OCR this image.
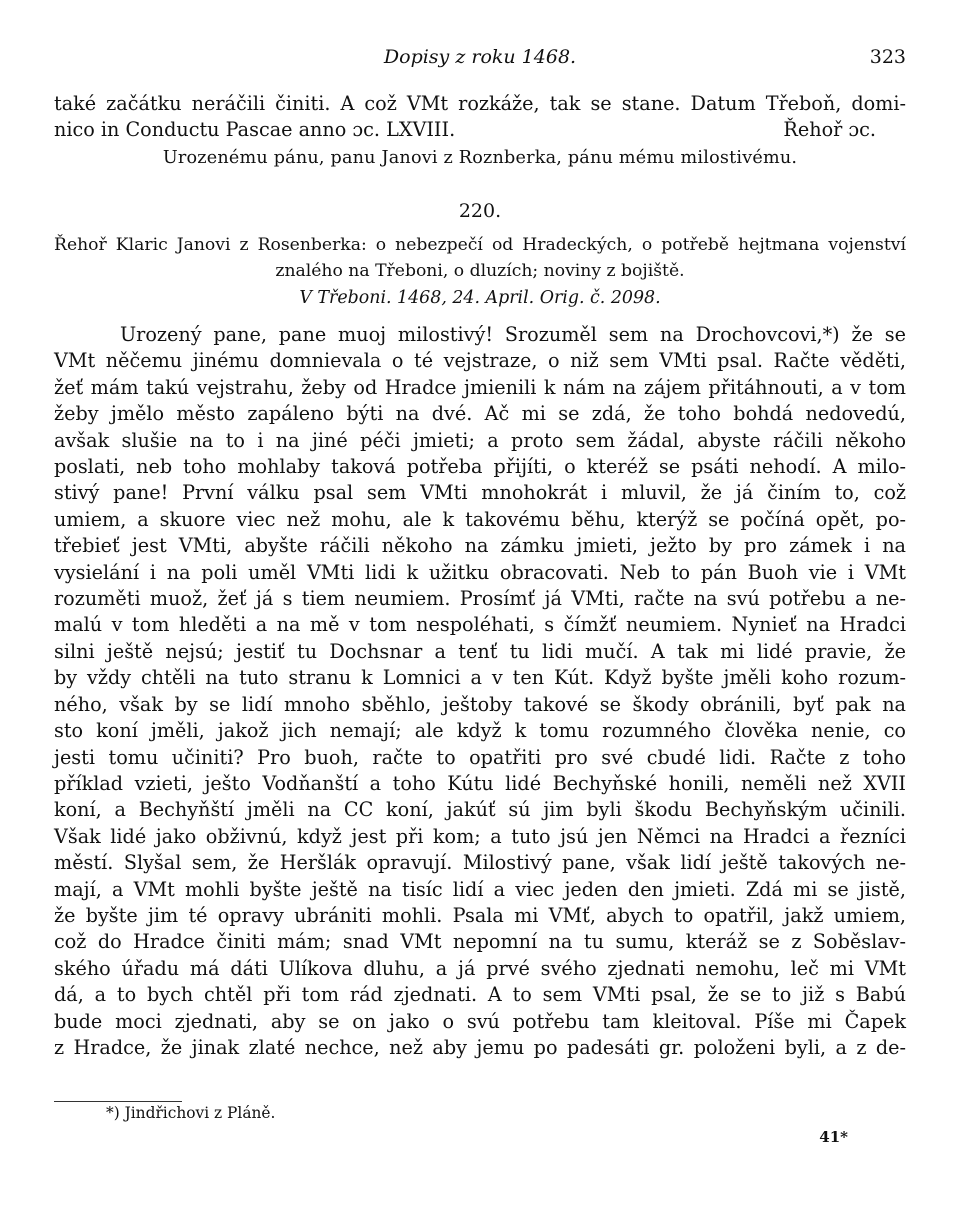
Dopisy z roku 1468.	323

také začátku neráčili činiti. A což VMt rozkáže, tak se stane. Datum Třeboň, domi-

nico in Conductu Pascae anno ɔc. LXVIII.	Řehoř ɔc.

Urozenému pánu, panu Janovi z Roznberka, pánu mému milostivému.
220.

Řehoř Klaric Janovi z Rosenberka: o nebezpečí od Hradeckých, o potřebě hejtmana vojenství

znalého na Třeboni, o dluzích; noviny z bojiště.

V Třeboni. 1468, 24. April. Orig. č. 2098.

Urozený pane, pane muoj milostivý! Srozuměl sem na Drochovcovi,*) že se

VMt něčemu jinému domnievala o té vejstraze, o niž sem VMti psal. Račte věděti,

žeť mám takú vejstrahu, žeby od Hradce jmienili k nám na zájem přitáhnouti, a v tom

žeby jmělo město zapáleno býti na dvé. Ač mi se zdá, že toho bohdá nedovedú,

avšak slušie na to i na jiné péči jmieti; a proto sem žádal, abyste ráčili někoho

poslati, neb toho mohlaby taková potřeba přijíti, o kteréž se psáti nehodí. A milo-

stivý pane! První válku psal sem VMti mnohokrát i mluvil, že já činím to, což

umiem, a skuore viec než mohu, ale k takovému běhu, kterýž se počíná opět, po-

třebieť jest VMti, abyšte ráčili někoho na zámku jmieti, ježto by pro zámek i na

vysielání i na poli uměl VMti lidi k užitku obracovati. Neb to pán Buoh vie i VMt

rozuměti muož, žeť já s tiem neumiem. Prosímť já VMti, račte na svú potřebu a ne-

malú v tom hleděti a na mě v tom nespoléhati, s čímžť neumiem. Nynieť na Hradci

silni ještě nejsú; jestiť tu Dochsnar a tenť tu lidi mučí. A tak mi lidé pravie, že

by vždy chtěli na tuto stranu k Lomnici a v ten Kút. Když byšte jměli koho rozum-

ného, však by se lidí mnoho sběhlo, ještoby takové se škody obránili, byť pak na

sto koní jměli, jakož jich nemají; ale když k tomu rozumného člověka nenie, co

jesti tomu učiniti? Pro buoh, račte to opatřiti pro své cbudé lidi. Račte z toho

příklad vzieti, ješto Vodňanští a toho Kútu lidé Bechyňské honili, neměli než XVII

koní, a Bechyňští jměli na CC koní, jakúť sú jim byli škodu Bechyňským učinili.

Však lidé jako obživnú, když jest při kom; a tuto jsú jen Němci na Hradci a řezníci

městí. Slyšal sem, že Heršlák opravují. Milostivý pane, však lidí ještě takových ne-

mají, a VMt mohli byšte ještě na tisíc lidí a viec jeden den jmieti. Zdá mi se jistě,

že byšte jim té opravy ubrániti mohli. Psala mi VMť, abych to opatřil, jakž umiem,

což do Hradce činiti mám; snad VMt nepomní na tu sumu, kteráž se z Soběslav-

ského úřadu má dáti Ulíkova dluhu, a já prvé svého zjednati nemohu, leč mi VMt

dá, a to bych chtěl při tom rád zjednati. A to sem VMti psal, že se to již s Babú

bude moci zjednati, aby se on jako o svú potřebu tam kleitoval. Píše mi Čapek

z Hradce, že jinak zlaté nechce, než aby jemu po padesáti gr. položeni byli, a z de-

*) Jindřichovi z Pláně.
41*
